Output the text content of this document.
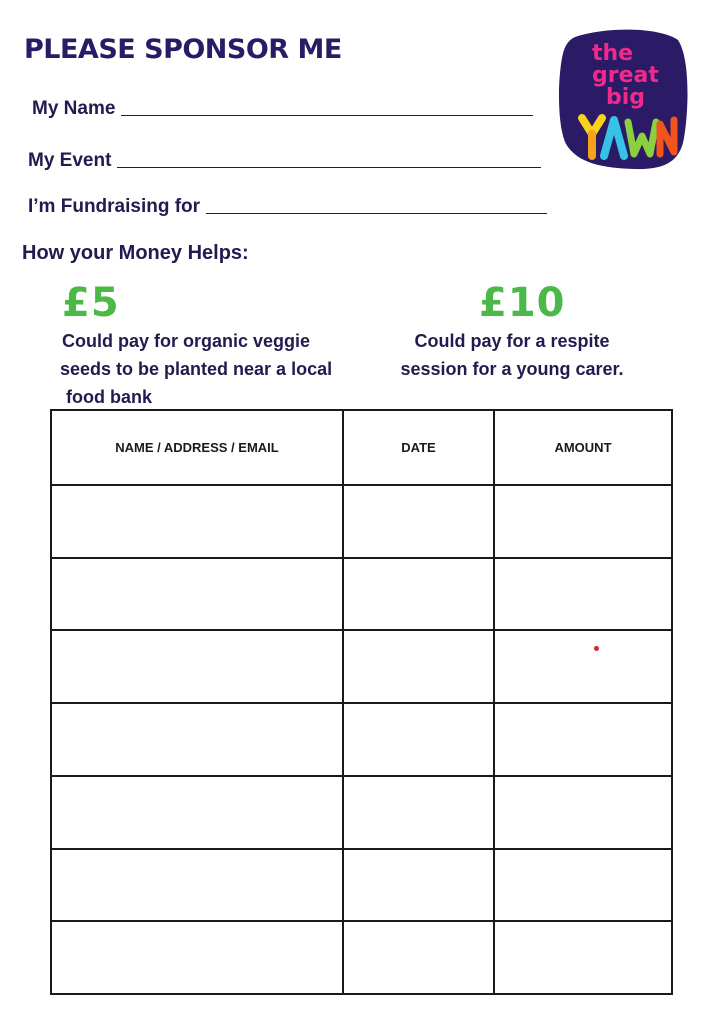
PLEASE SPONSOR ME	the
great
big
My Name
My Event
I’m Fundraising for
How your Money Helps:
£5

Could pay for organic veggie
seeds to be planted near a local
food bank

£10

Could pay for a respite
session for a young carer.

NAME / ADDRESS / EMAIL	DATE	AMOUNT
